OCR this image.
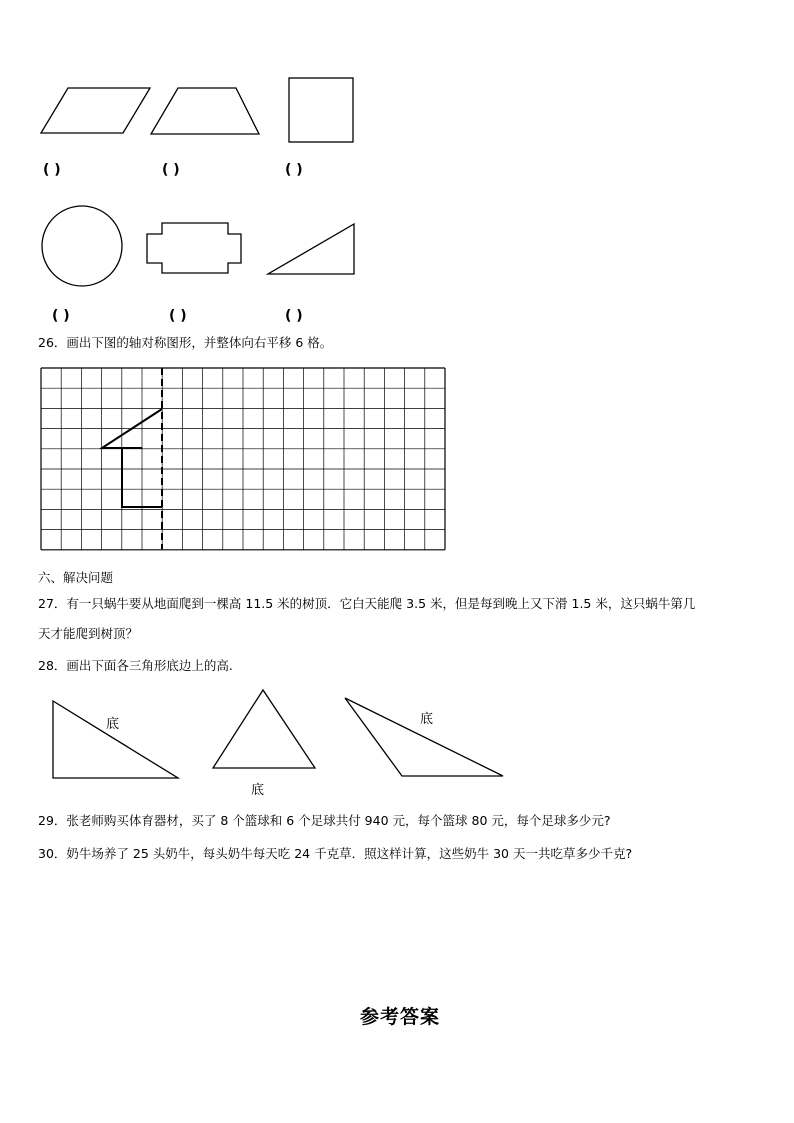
( )	( )	( )
( )	( )	( )
26．画出下图的轴对称图形，并整体向右平移 6 格。
六、解决问题
27．有一只蜗牛要从地面爬到一棵高 11.5 米的树顶．它白天能爬 3.5 米，但是每到晚上又下滑 1.5 米，这只蜗牛第几
天才能爬到树顶？
28．画出下面各三角形底边上的高.
底
底
底
29．张老师购买体育器材，买了 8 个篮球和 6 个足球共付 940 元，每个篮球 80 元，每个足球多少元?
30．奶牛场养了 25 头奶牛，每头奶牛每天吃 24 千克草．照这样计算，这些奶牛 30 天一共吃草多少千克?
参考答案
